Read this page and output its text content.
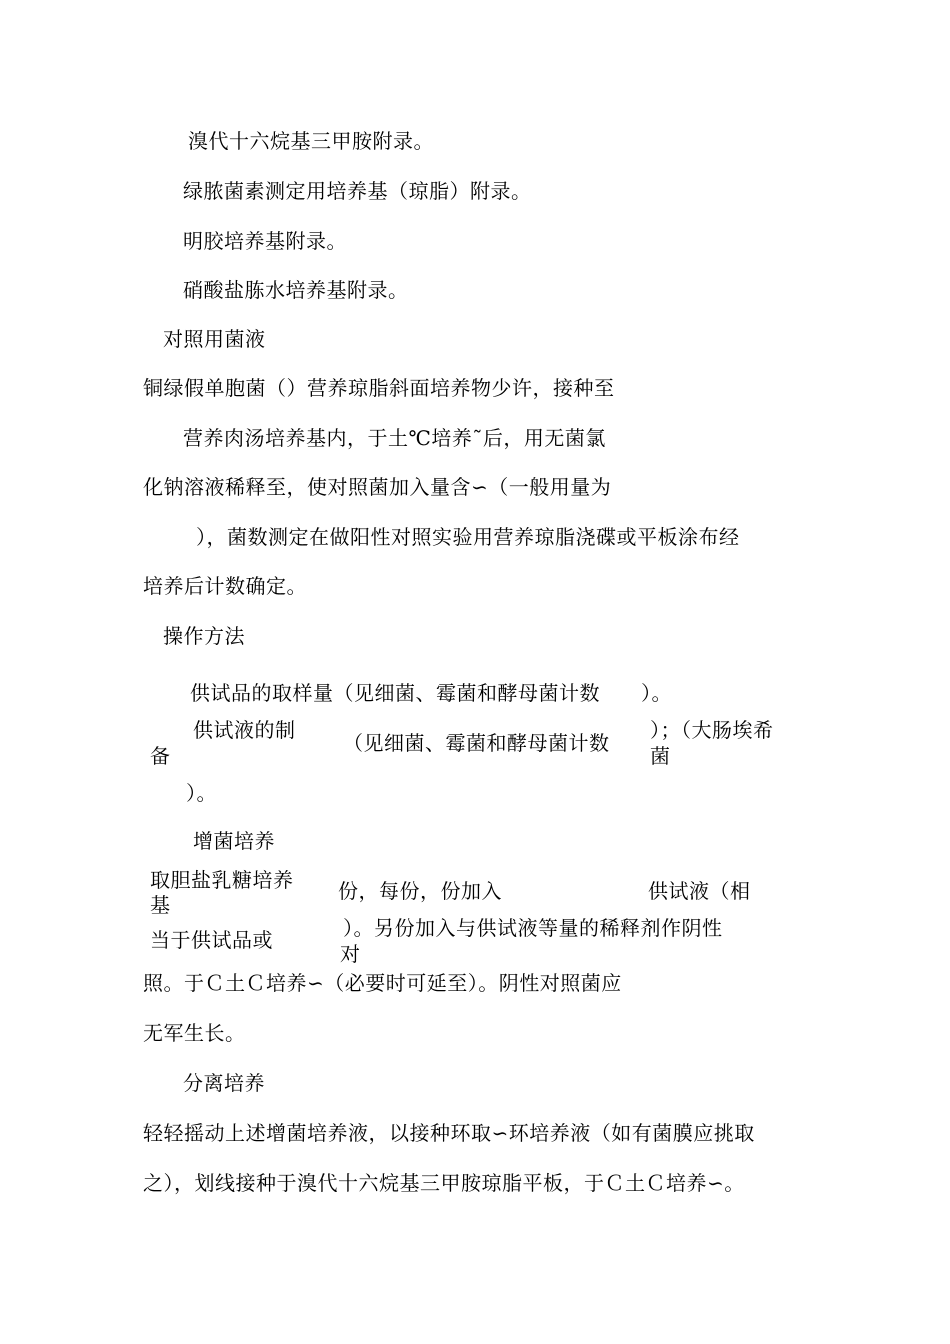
溴代十六烷基三甲胺附录。
绿脓菌素测定用培养基（琼脂）附录。
明胶培养基附录。
硝酸盐胨水培养基附录。
对照用菌液
铜绿假单胞菌（）营养琼脂斜面培养物少许，接种至
营养肉汤培养基内，于土℃培养˜后，用无菌氯
化钠溶液稀释至，使对照菌加入量含∽（一般用量为
），菌数测定在做阳性对照实验用营养琼脂浇碟或平板涂布经
培养后计数确定。
操作方法
供试品的取样量（见细菌、霉菌和酵母菌计数　　）。
供试液的制
备
（见细菌、霉菌和酵母菌计数
）；（大肠埃希
菌
）。
增菌培养
取胆盐乳糖培养
基
份，每份，份加入	供试液（相
当于供试品或	）。另份加入与供试液等量的稀释剂作阴性
对
照。于Ｃ土Ｃ培养∽（必要时可延至）。阴性对照菌应
无军生长。
分离培养
轻轻摇动上述增菌培养液，以接种环取∽环培养液（如有菌膜应挑取
之），划线接种于溴代十六烷基三甲胺琼脂平板，于Ｃ土Ｃ培养∽。
